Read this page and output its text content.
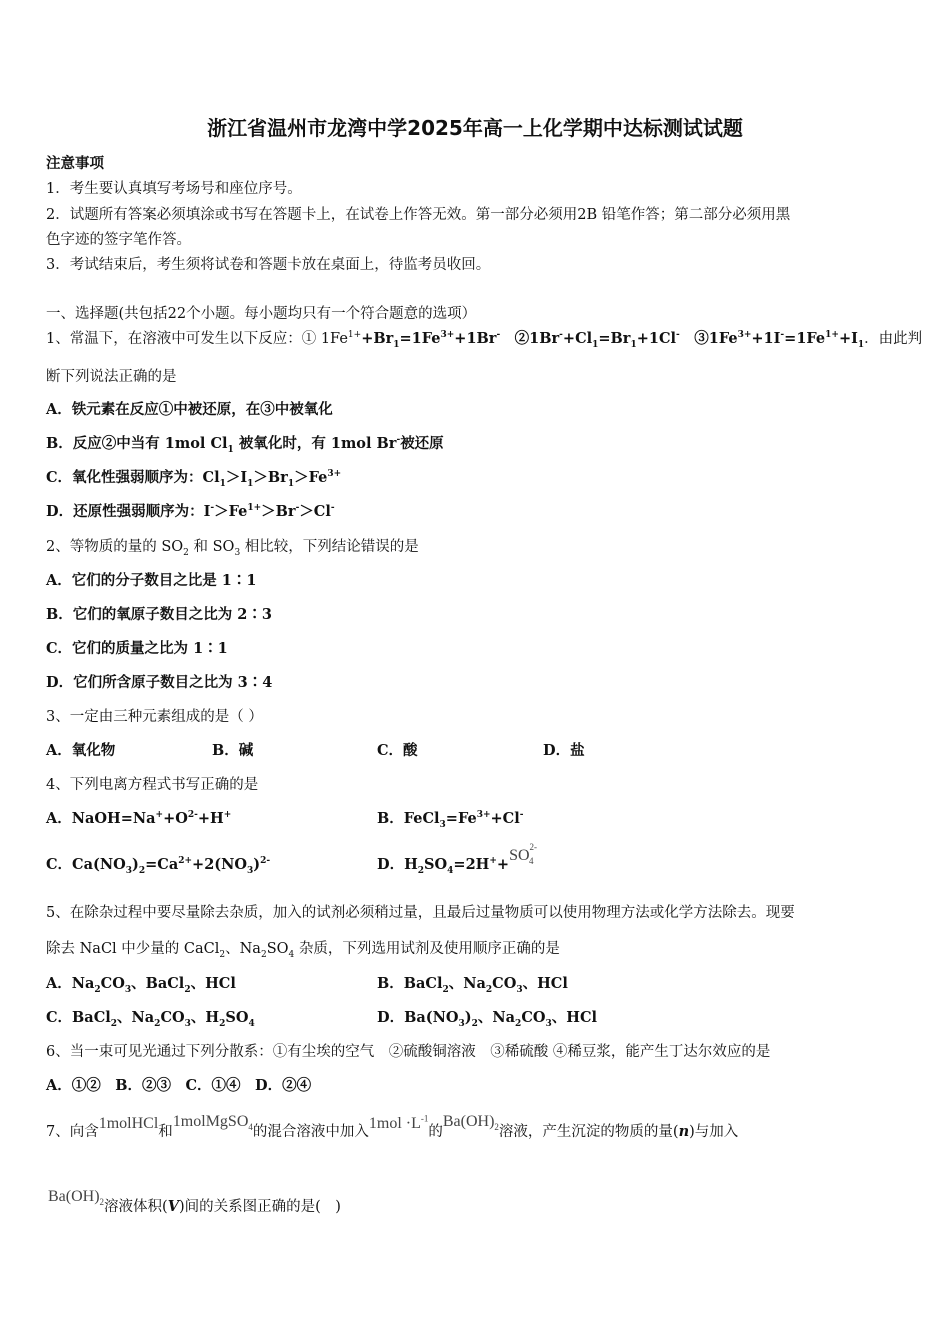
浙江省温州市龙湾中学2025年高一上化学期中达标测试试题
注意事项
1．考生要认真填写考场号和座位序号。
2．试题所有答案必须填涂或书写在答题卡上，在试卷上作答无效。第一部分必须用2B 铅笔作答；第二部分必须用黑
色字迹的签字笔作答。
3．考试结束后，考生须将试卷和答题卡放在桌面上，待监考员收回。
一、选择题(共包括22个小题。每小题均只有一个符合题意的选项）
1、常温下，在溶液中可发生以下反应：① $1Fe^{1+}+Br_1=1Fe^{3+}+1Br^-$　$②1Br^-+Cl_1=Br_1+1Cl^-$　$③1Fe^{3+}+1I^-=1Fe^{1+}+I_1$．由此判
断下列说法正确的是
A．铁元素在反应①中被还原，在③中被氧化
B．反应②中当有 1mol $Cl_1$ 被氧化时，有 1mol Br-被还原
C．氧化性强弱顺序为：$Cl_1>I_1>Br_1>Fe^{3+}$
D．还原性强弱顺序为：$I^->Fe^{1+}>Br^->Cl^-$
2、等物质的量的 $SO_2$ 和 $SO_3$ 相比较，下列结论错误的是
A．它们的分子数目之比是 1∶1
B．它们的氧原子数目之比为 2∶3
C．它们的质量之比为 1∶1
D．它们所含原子数目之比为 3∶4
3、一定由三种元素组成的是（ ）
A．氧化物	B．碱	C．酸	D．盐
4、下列电离方程式书写正确的是
A．$NaOH=Na^++O^{2-}+H^+$	B．$FeCl_3=Fe^{3+}+Cl^-$
C．$Ca(NO_3)_2=Ca^{2+}+2(NO_3)^{2-}$	D．$H_2SO_4=2H^++SO^{2-}_4$
5、在除杂过程中要尽量除去杂质，加入的试剂必须稍过量，且最后过量物质可以使用物理方法或化学方法除去。现要
除去 NaCl 中少量的 CaCl$_2$、$Na_2SO_4$ 杂质，下列选用试剂及使用顺序正确的是
A．$Na_2CO_3$、BaCl$_2$、HCl	B．BaCl$_2$、$Na_2CO_3$、HCl
C．BaCl$_2$、$Na_2CO_3$、$H_2SO_4$	D．$Ba(NO_3)_2$、$Na_2CO_3$、HCl
6、当一束可见光通过下列分散系：①有尘埃的空气　②硫酸铜溶液　③稀硫酸 ④稀豆浆，能产生丁达尔效应的是
A．①②　B．②③　C．①④　D．②④
7、向含1molHCl和1molMgSO$_4$的混合溶液中加入$1mol \cdot L^{-1}$的$Ba(OH)_2$溶液，产生沉淀的物质的量(n)与加入
$Ba(OH)_2$溶液体积(V)间的关系图正确的是(　)
